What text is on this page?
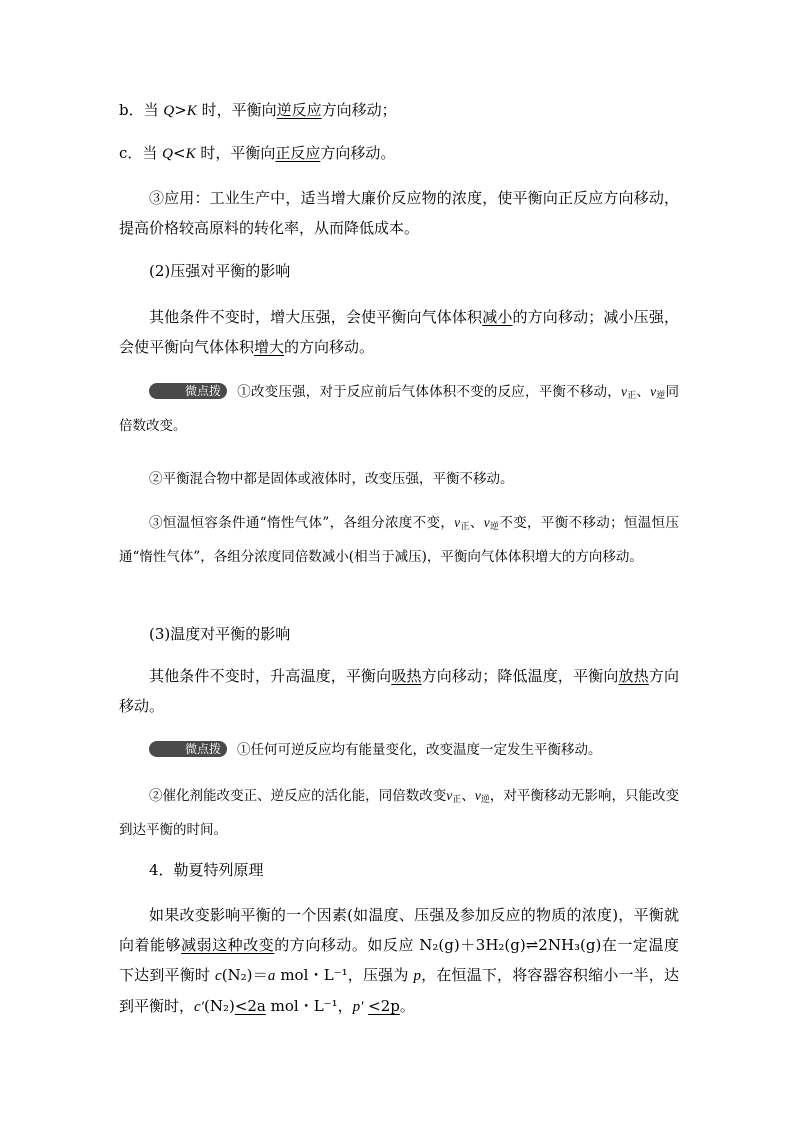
b．当 Q>K 时，平衡向逆反应方向移动；

c．当 Q<K 时，平衡向正反应方向移动。

③应用：工业生产中，适当增大廉价反应物的浓度，使平衡向正反应方向移动，提高价格较高原料的转化率，从而降低成本。

(2)压强对平衡的影响

其他条件不变时，增大压强，会使平衡向气体体积减小的方向移动；减小压强，会使平衡向气体体积增大的方向移动。

微点拨 ①改变压强，对于反应前后气体体积不变的反应，平衡不移动，$v_正$、$v_逆$同倍数改变。

②平衡混合物中都是固体或液体时，改变压强，平衡不移动。

③恒温恒容条件通“惰性气体”，各组分浓度不变，$v_正$、$v_逆$不变，平衡不移动；恒温恒压通“惰性气体”，各组分浓度同倍数减小(相当于减压)，平衡向气体体积增大的方向移动。

(3)温度对平衡的影响

其他条件不变时，升高温度，平衡向吸热方向移动；降低温度，平衡向放热方向移动。

微点拨 ①任何可逆反应均有能量变化，改变温度一定发生平衡移动。

②催化剂能改变正、逆反应的活化能，同倍数改变$v_正$、$v_逆$，对平衡移动无影响，只能改变到达平衡的时间。

4．勒夏特列原理

如果改变影响平衡的一个因素(如温度、压强及参加反应的物质的浓度)，平衡就向着能够减弱这种改变的方向移动。如反应 N₂(g)＋3H₂(g)⇌2NH₃(g)在一定温度下达到平衡时 c(N₂)＝a mol・L⁻¹，压强为 p，在恒温下，将容器容积缩小一半，达到平衡时，c′(N₂)<2a mol・L⁻¹，p′ <2p。
